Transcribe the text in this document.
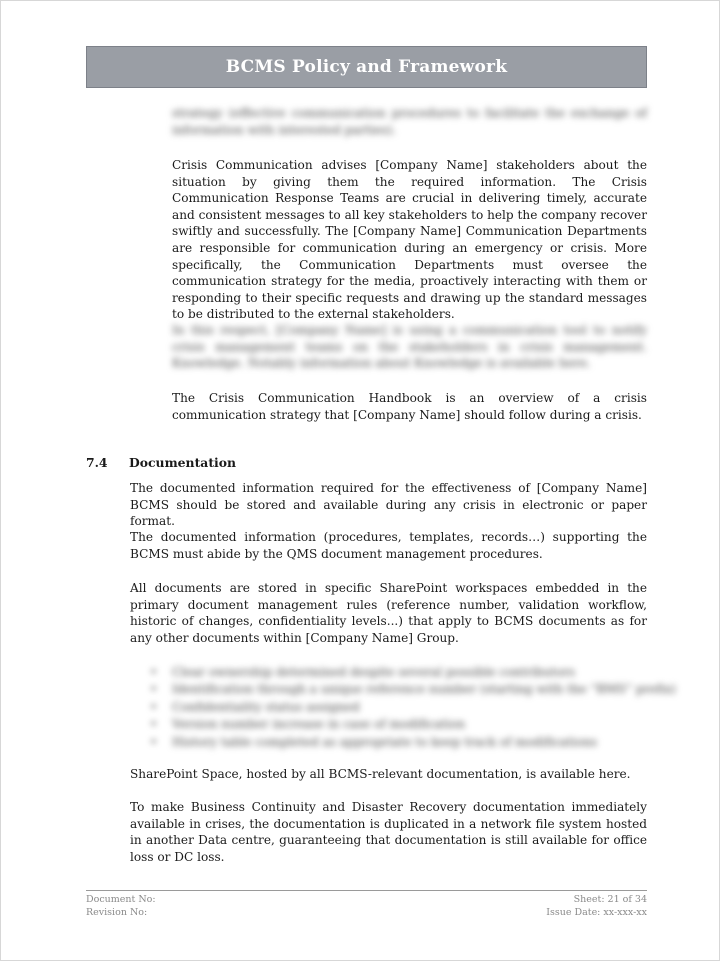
BCMS Policy and Framework

strategy (effective communication procedures to facilitate the exchange of information with interested parties).

Crisis Communication advises [Company Name] stakeholders about the situation by giving them the required information. The Crisis Communication Response Teams are crucial in delivering timely, accurate and consistent messages to all key stakeholders to help the company recover swiftly and successfully. The [Company Name] Communication Departments are responsible for communication during an emergency or crisis. More specifically, the Communication Departments must oversee the communication strategy for the media, proactively interacting with them or responding to their specific requests and drawing up the standard messages to be distributed to the external stakeholders.

In this respect, [Company Name] is using a communication tool to notify crisis management teams on the stakeholders in crisis management. Knowledge. Notably information about Knowledge is available here.

The Crisis Communication Handbook is an overview of a crisis communication strategy that [Company Name] should follow during a crisis.

7.4 Documentation

The documented information required for the effectiveness of [Company Name] BCMS should be stored and available during any crisis in electronic or paper format.

The documented information (procedures, templates, records…) supporting the BCMS must abide by the QMS document management procedures.

All documents are stored in specific SharePoint workspaces embedded in the primary document management rules (reference number, validation workflow, historic of changes, confidentiality levels...) that apply to BCMS documents as for any other documents within [Company Name] Group.

• Clear ownership determined despite several possible contributors
• Identification through a unique reference number (starting with the “BMS” prefix)
• Confidentiality status assigned
• Version number increase in case of modification
• History table completed as appropriate to keep track of modifications

SharePoint Space, hosted by all BCMS-relevant documentation, is available here.

To make Business Continuity and Disaster Recovery documentation immediately available in crises, the documentation is duplicated in a network file system hosted in another Data centre, guaranteeing that documentation is still available for office loss or DC loss.

Document No:
Revision No:
Sheet: 21 of 34
Issue Date: xx-xxx-xx
